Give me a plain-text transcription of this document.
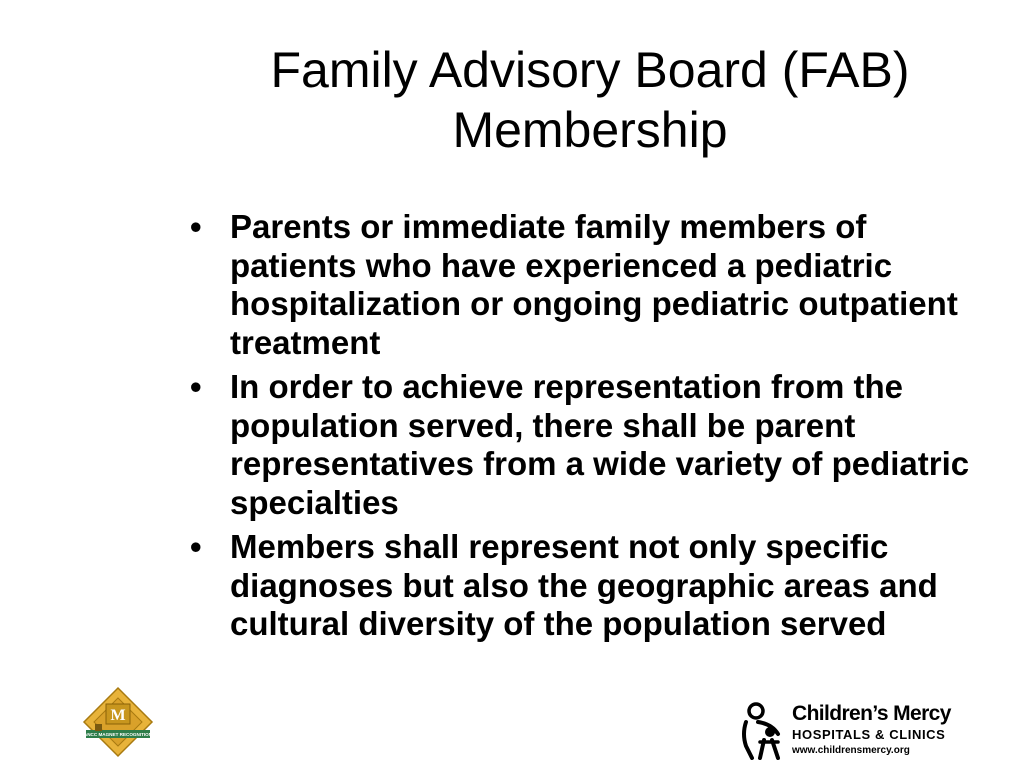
Family Advisory Board (FAB)
Membership
• Parents or immediate family members of patients who have experienced a pediatric hospitalization or ongoing pediatric outpatient treatment
• In order to achieve representation from the population served, there shall be parent representatives from a wide variety of pediatric specialties
• Members shall represent not only specific diagnoses but also the geographic areas and cultural diversity of the population served
M
ANCC MAGNET RECOGNITION
Children’s Mercy
HOSPITALS & CLINICS
www.childrensmercy.org
